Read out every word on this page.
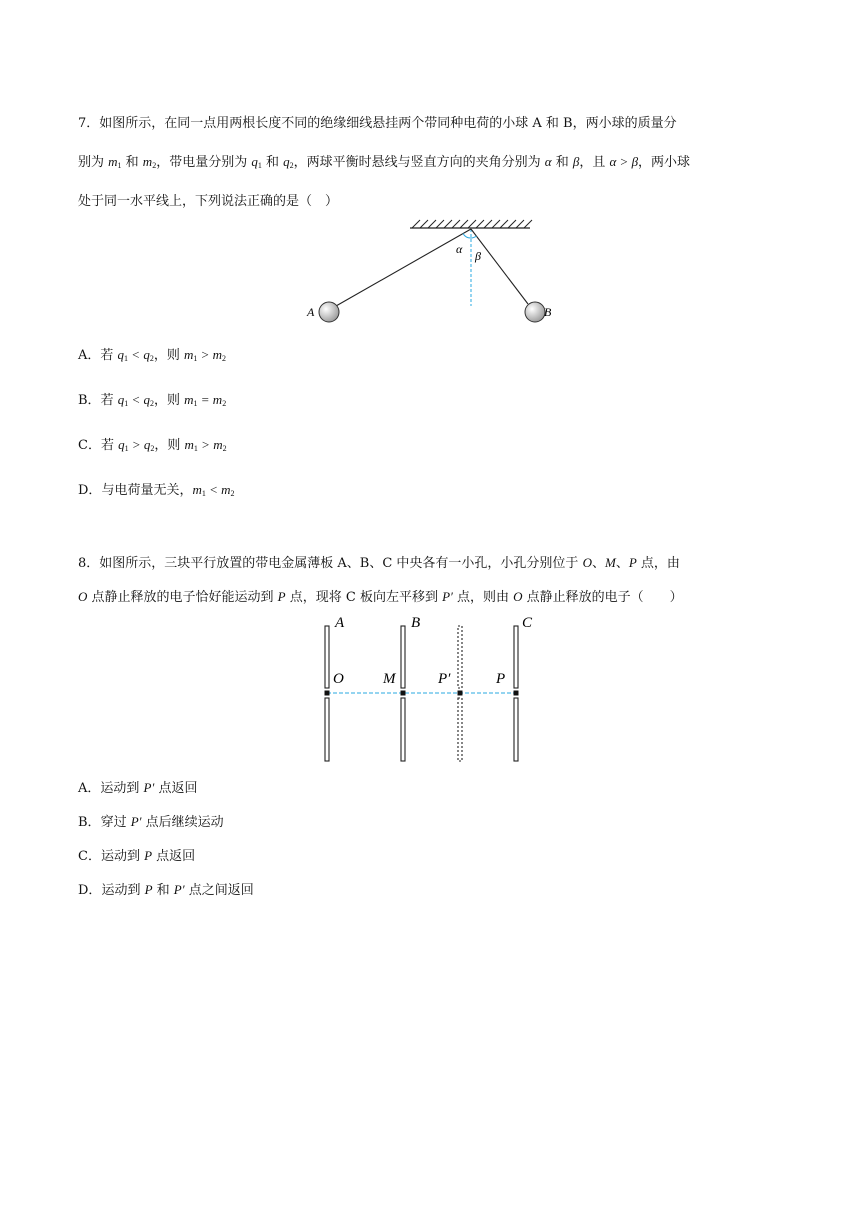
7．如图所示，在同一点用两根长度不同的绝缘细线悬挂两个带同种电荷的小球 A 和 B，两小球的质量分
别为 $m_1$ 和 $m_2$，带电量分别为 $q_1$ 和 $q_2$，两球平衡时悬线与竖直方向的夹角分别为 α 和 β，且 α > β，两小球
处于同一水平线上，下列说法正确的是（　）
α β
A	B
A．若 $q_1 < q_2$，则 $m_1 > m_2$
B．若 $q_1 < q_2$，则 $m_1 = m_2$
C．若 $q_1 > q_2$，则 $m_1 > m_2$
D．与电荷量无关，$m_1 < m_2$
8．如图所示，三块平行放置的带电金属薄板 A、B、C 中央各有一小孔，小孔分别位于 O、M、P 点，由
O 点静止释放的电子恰好能运动到 P 点，现将 C 板向左平移到 P′ 点，则由 O 点静止释放的电子（　　）
A	B	C
O	M	P′	P
A．运动到 P′ 点返回
B．穿过 P′ 点后继续运动
C．运动到 P 点返回
D．运动到 P 和 P′ 点之间返回
